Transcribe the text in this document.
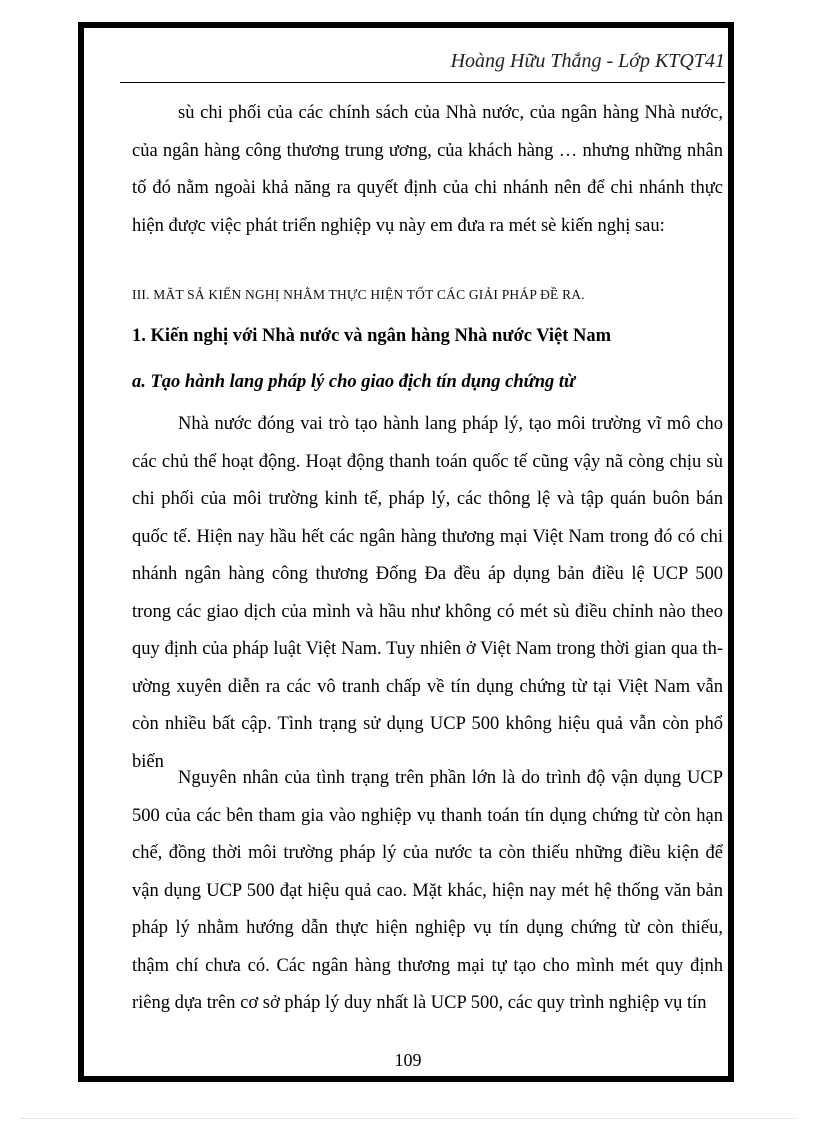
Hoàng Hữu Thắng - Lớp KTQT41
sù chi phối của các chính sách của Nhà nước, của ngân hàng Nhà nước, của ngân hàng công thương trung ương, của khách hàng … nhưng những nhân tố đó nằm ngoài khả năng ra quyết định của chi nhánh nên để chi nhánh thực hiện được việc phát triển nghiệp vụ này em đưa ra mét sè kiến nghị sau:
III. MÃT SẢ KIẾN NGHỊ NHẰM THỰC HIỆN TỐT CÁC GIẢI PHÁP ĐỀ RA.
1. Kiến nghị với Nhà nước và ngân hàng Nhà nước Việt Nam
a. Tạo hành lang pháp lý cho giao địch tín dụng chứng từ
Nhà nước đóng vai trò tạo hành lang pháp lý, tạo môi trường vĩ mô cho các chủ thể hoạt động. Hoạt động thanh toán quốc tế cũng vậy nã còng chịu sù chi phối của môi trường kinh tế, pháp lý, các thông lệ và tập quán buôn bán quốc tế. Hiện nay hầu hết các ngân hàng thương mại Việt Nam trong đó có chi nhánh ngân hàng công thương Đống Đa đều áp dụng bản điều lệ UCP 500 trong các giao dịch của mình và hầu như không có mét sù điều chỉnh nào theo quy định của pháp luật Việt Nam. Tuy nhiên ở Việt Nam trong thời gian qua thường xuyên diễn ra các vô tranh chấp về tín dụng chứng từ tại Việt Nam vẫn còn nhiều bất cập. Tình trạng sử dụng UCP 500 không hiệu quả vẫn còn phổ biến
Nguyên nhân của tình trạng trên phần lớn là do trình độ vận dụng UCP 500 của các bên tham gia vào nghiệp vụ thanh toán tín dụng chứng từ còn hạn chế, đồng thời môi trường pháp lý của nước ta còn thiếu những điều kiện để vận dụng UCP 500 đạt hiệu quả cao. Mặt khác, hiện nay mét hệ thống văn bản pháp lý nhằm hướng dẫn thực hiện nghiệp vụ tín dụng chứng từ còn thiếu, thậm chí chưa có. Các ngân hàng thương mại tự tạo cho mình mét quy định riêng dựa trên cơ sở pháp lý duy nhất là UCP 500, các quy trình nghiệp vụ tín
109
